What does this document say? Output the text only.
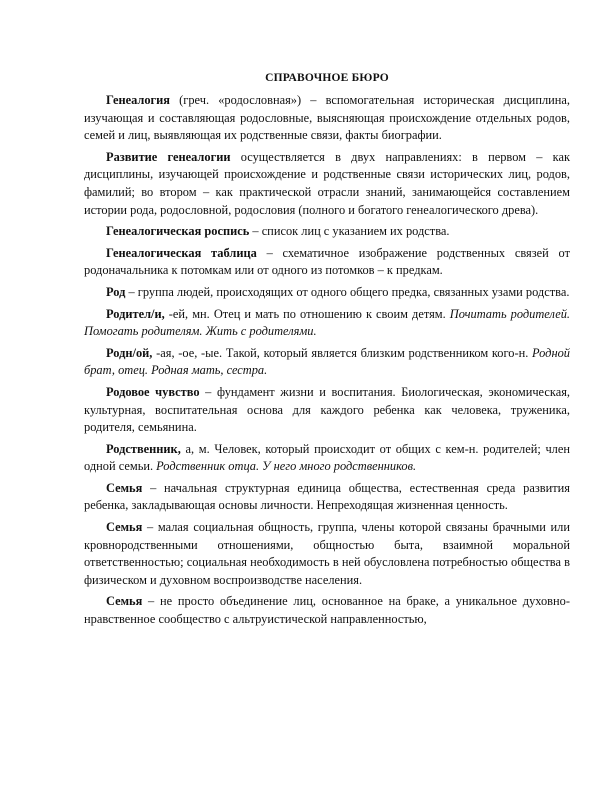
СПРАВОЧНОЕ БЮРО

Генеалогия (греч. «родословная») – вспомогательная историческая дисциплина, изучающая и составляющая родословные, выясняющая происхождение отдельных родов, семей и лиц, выявляющая их родственные связи, факты биографии.

Развитие генеалогии осуществляется в двух направлениях: в первом – как дисциплины, изучающей происхождение и родственные связи исторических лиц, родов, фамилий; во втором – как практической отрасли знаний, занимающейся составлением истории рода, родословной, родословия (полного и богатого генеалогического древа).

Генеалогическая роспись – список лиц с указанием их родства.

Генеалогическая таблица – схематичное изображение родственных связей от родоначальника к потомкам или от одного из потомков – к предкам.

Род – группа людей, происходящих от одного общего предка, связанных узами родства.

Родител/и, -ей, мн. Отец и мать по отношению к своим детям. Почитать родителей. Помогать родителям. Жить с родителями.

Родн/ой, -ая, -ое, -ые. Такой, который является близким родственником кого-н. Родной брат, отец. Родная мать, сестра.

Родовое чувство – фундамент жизни и воспитания. Биологическая, экономическая, культурная, воспитательная основа для каждого ребенка как человека, труженика, родителя, семьянина.

Родственник, а, м. Человек, который происходит от общих с кем-н. родителей; член одной семьи. Родственник отца. У него много родственников.

Семья – начальная структурная единица общества, естественная среда развития ребенка, закладывающая основы личности. Непреходящая жизненная ценность.

Семья – малая социальная общность, группа, члены которой связаны брачными или кровнородственными отношениями, общностью быта, взаимной моральной ответственностью; социальная необходимость в ней обусловлена потребностью общества в физическом и духовном воспроизводстве населения.

Семья – не просто объединение лиц, основанное на браке, а уникальное духовно-нравственное сообщество с альтруистической направленностью,
